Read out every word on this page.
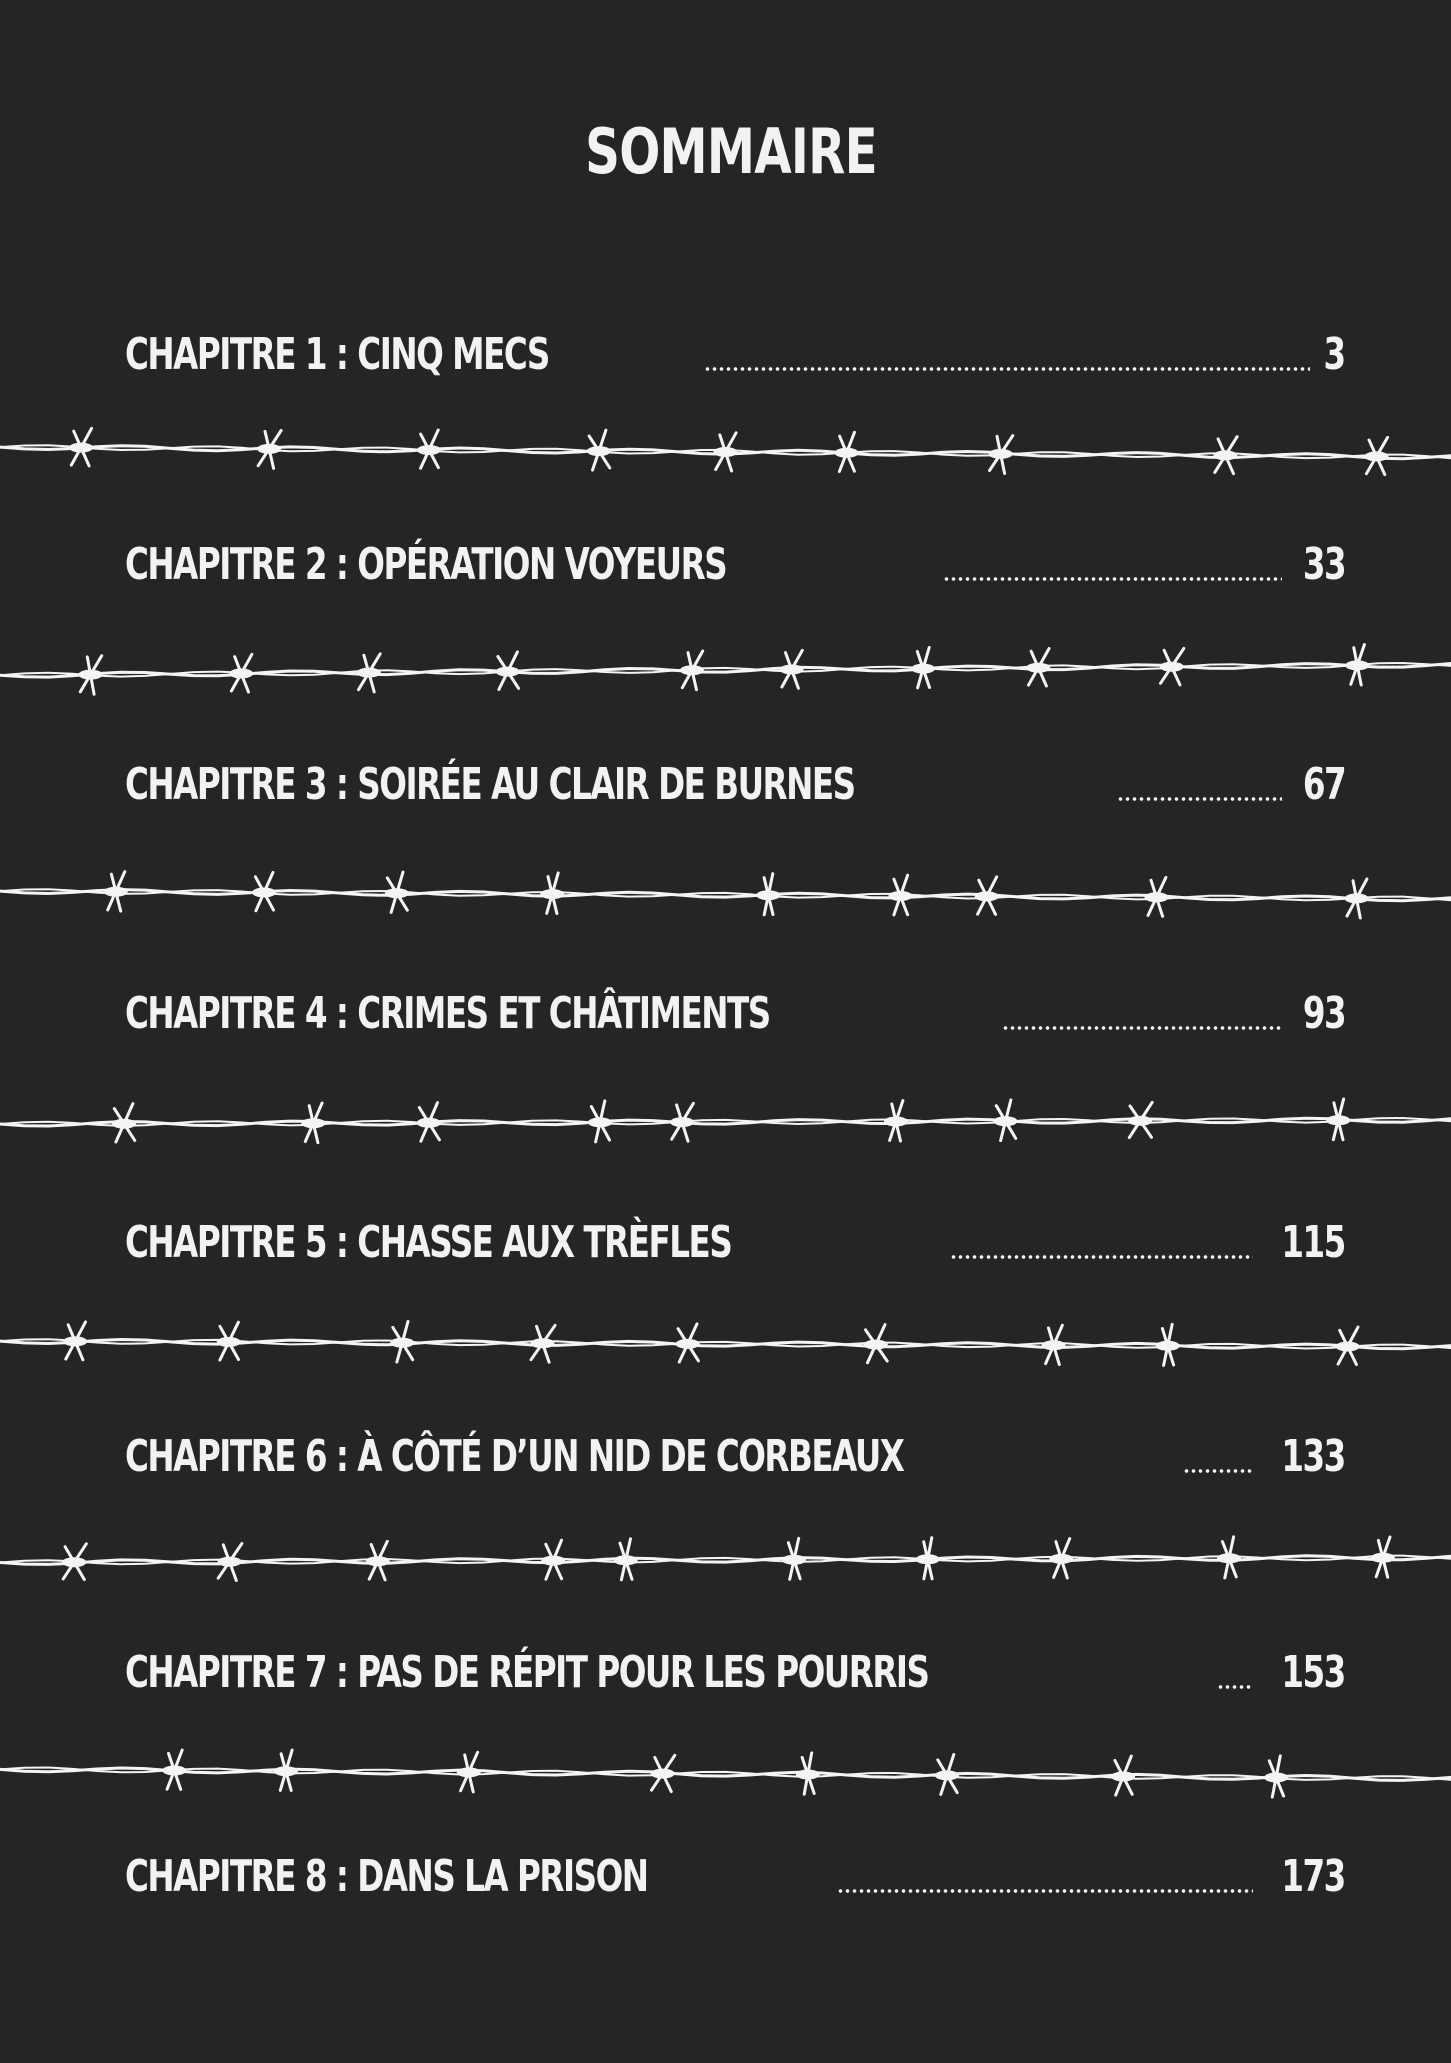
SOMMAIRE
CHAPITRE 1 : CINQ MECS	3
CHAPITRE 2 : OPÉRATION VOYEURS	33
CHAPITRE 3 : SOIRÉE AU CLAIR DE BURNES	67
CHAPITRE 4 : CRIMES ET CHÂTIMENTS	93
CHAPITRE 5 : CHASSE AUX TRÈFLES	115
CHAPITRE 6 : À CÔTÉ D’UN NID DE CORBEAUX	133
CHAPITRE 7 : PAS DE RÉPIT POUR LES POURRIS	153
CHAPITRE 8 : DANS LA PRISON	173
